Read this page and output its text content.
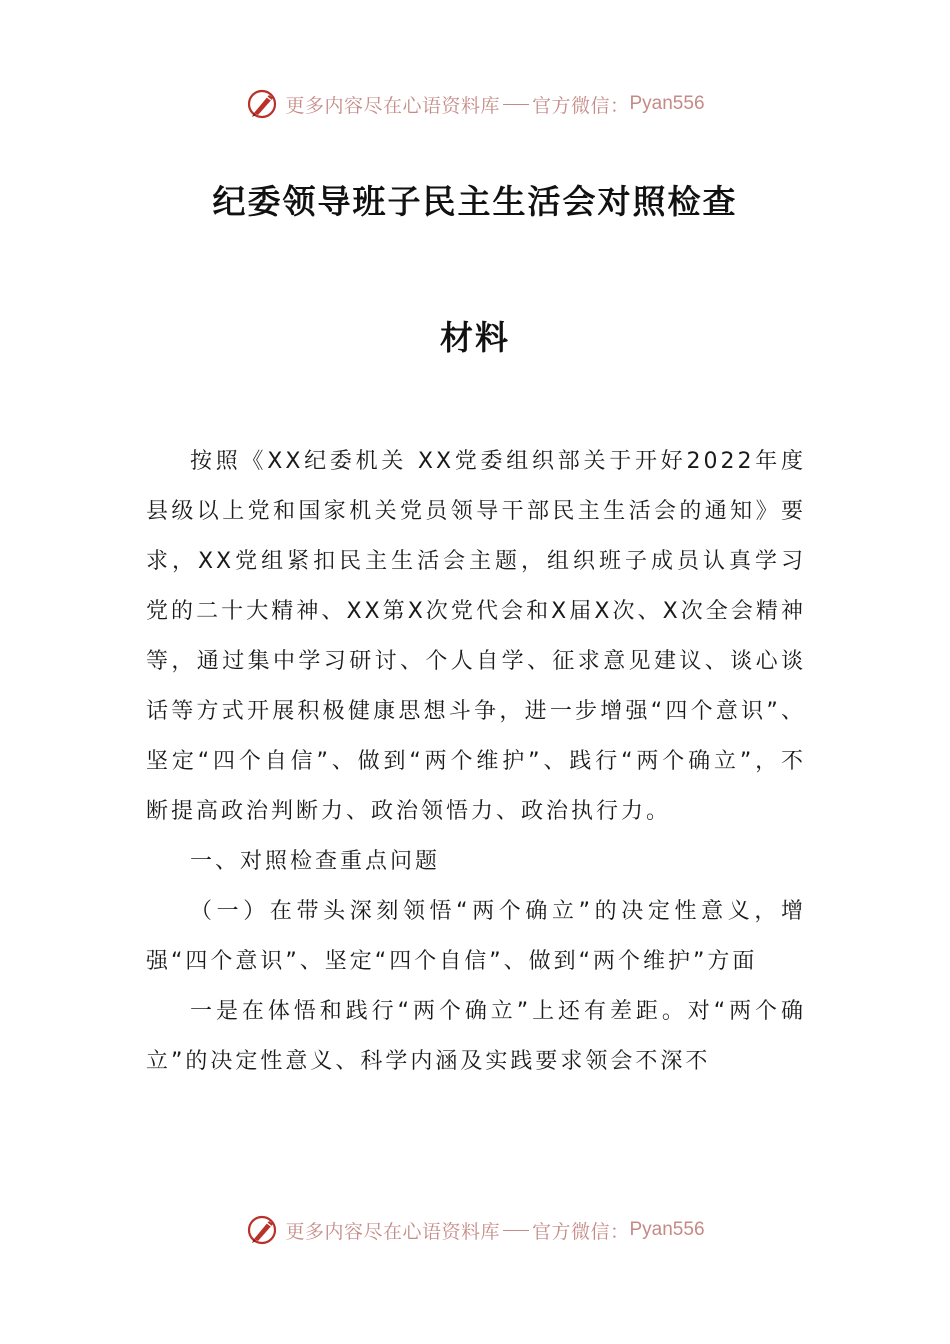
更多内容尽在心语资料库 官方微信： Pyan556
纪委领导班子民主生活会对照检查
材料

按照《XX纪委机关 XX党委组织部关于开好2022年度县级以上党和国家机关党员领导干部民主生活会的通知》要求，XX党组紧扣民主生活会主题，组织班子成员认真学习党的二十大精神、XX第X次党代会和X届X次、X次全会精神等，通过集中学习研讨、个人自学、征求意见建议、谈心谈话等方式开展积极健康思想斗争，进一步增强“四个意识”、坚定“四个自信”、做到“两个维护”、践行“两个确立”，不断提高政治判断力、政治领悟力、政治执行力。

一、对照检查重点问题

（一）在带头深刻领悟“两个确立”的决定性意义，增强“四个意识”、坚定“四个自信”、做到“两个维护”方面

一是在体悟和践行“两个确立”上还有差距。对“两个确立”的决定性意义、科学内涵及实践要求领会不深不

更多内容尽在心语资料库 官方微信： Pyan556
